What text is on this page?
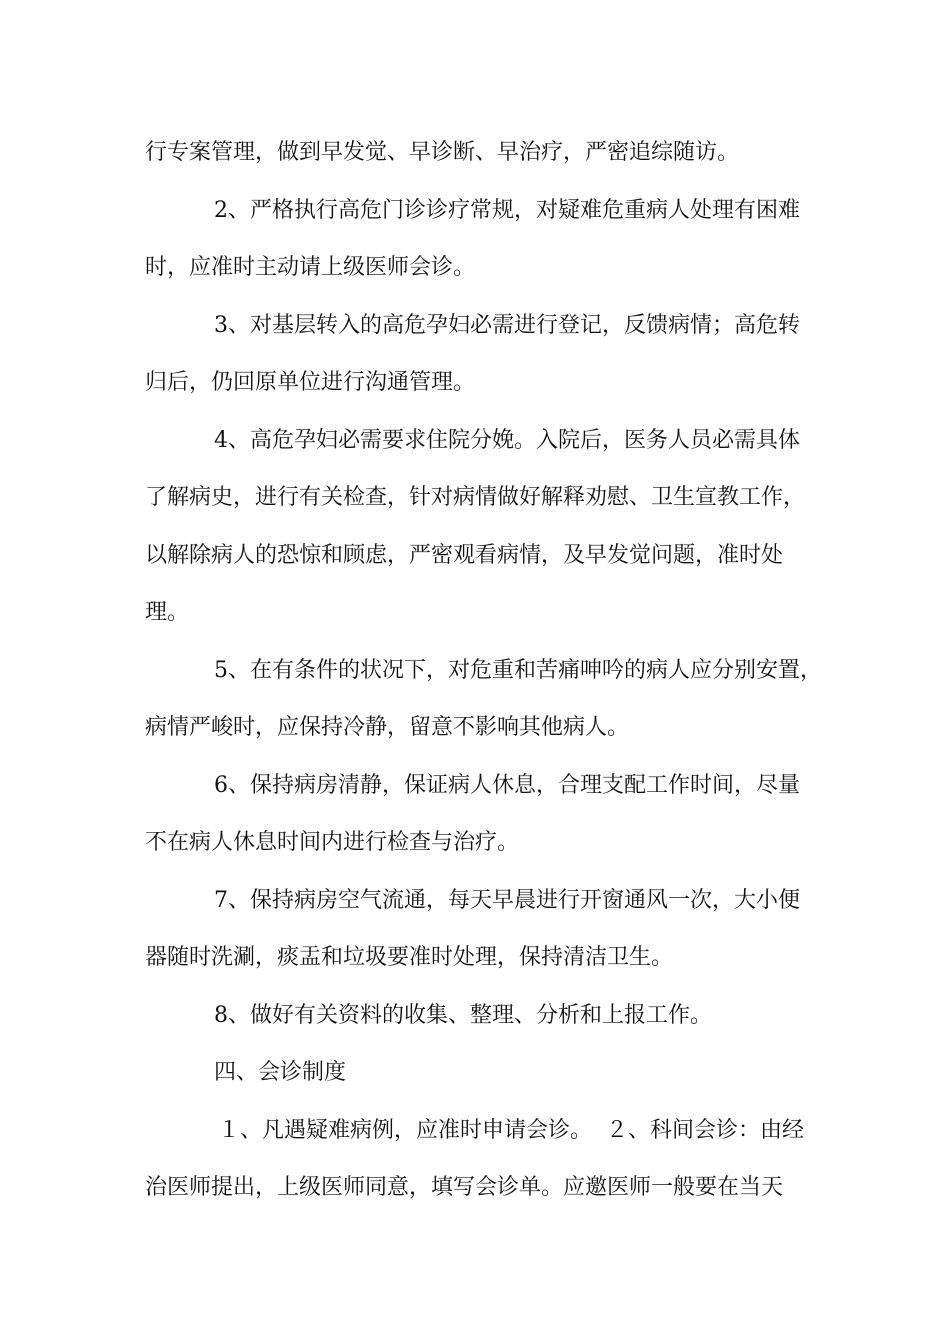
行专案管理，做到早发觉、早诊断、早治疗，严密追综随访。
2、严格执行高危门诊诊疗常规，对疑难危重病人处理有困难
时，应准时主动请上级医师会诊。
3、对基层转入的高危孕妇必需进行登记，反馈病情；高危转
归后，仍回原单位进行沟通管理。
4、高危孕妇必需要求住院分娩。入院后，医务人员必需具体
了解病史，进行有关检查，针对病情做好解释劝慰、卫生宣教工作，
以解除病人的恐惊和顾虑，严密观看病情，及早发觉问题，准时处
理。
5、在有条件的状况下，对危重和苦痛呻吟的病人应分别安置，
病情严峻时，应保持冷静，留意不影响其他病人。
6、保持病房清静，保证病人休息，合理支配工作时间，尽量
不在病人休息时间内进行检查与治疗。
7、保持病房空气流通，每天早晨进行开窗通风一次，大小便
器随时洗涮，痰盂和垃圾要准时处理，保持清洁卫生。
8、做好有关资料的收集、整理、分析和上报工作。
四、会诊制度
１、凡遇疑难病例，应准时申请会诊。  ２、科间会诊：由经
治医师提出，上级医师同意，填写会诊单。应邀医师一般要在当天
